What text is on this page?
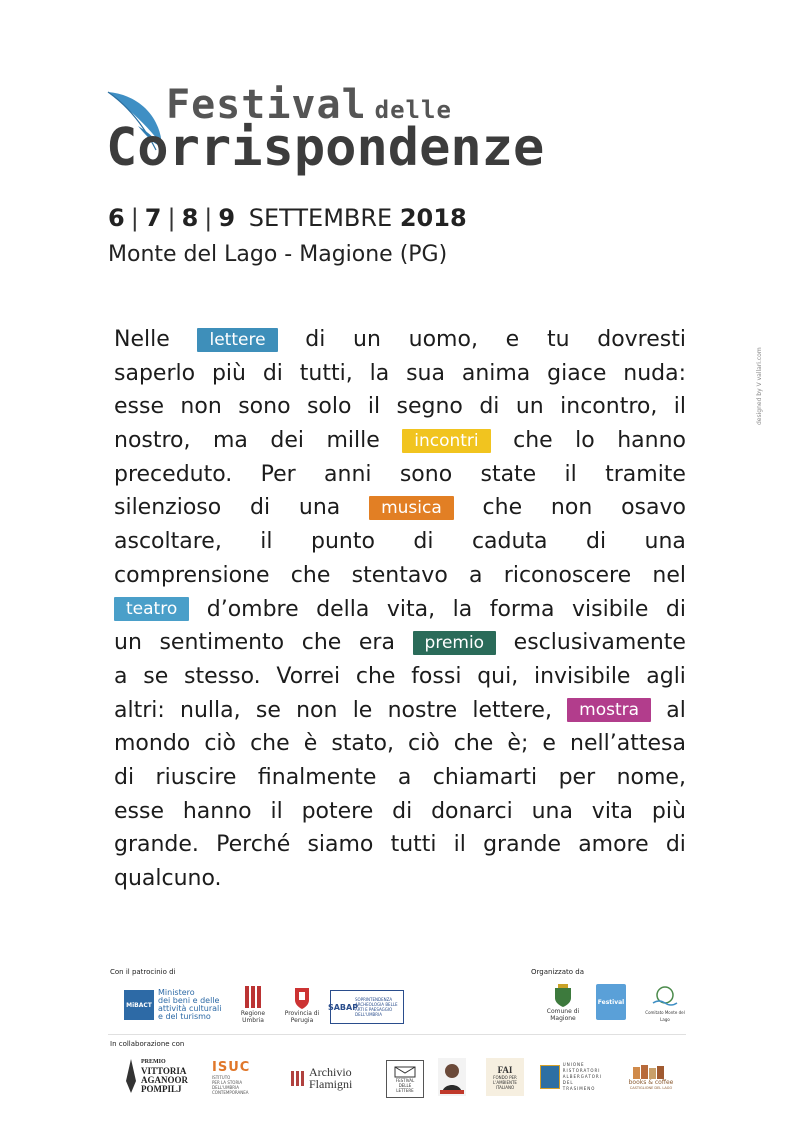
Festival delle
Corrispondenze
6 | 7 | 8 | 9 SETTEMBRE 2018
Monte del Lago - Magione (PG)
designed by V vallari.com
Nelle	lettere	di un uomo, e tu dovresti
saperlo più di tutti, la sua anima giace nuda:
esse non sono solo il segno di un incontro, il
nostro, ma dei mille	incontri	che lo hanno
preceduto. Per anni sono state il tramite
silenzioso di una	musica	che non osavo
ascoltare, il punto di caduta di una
comprensione che stentavo a riconoscere nel
teatro	d’ombre della vita, la forma visibile di
un sentimento che era	premio	esclusivamente
a se stesso. Vorrei che fossi qui, invisibile agli
altri: nulla, se non le nostre lettere,	mostra	al
mondo ciò che è stato, ciò che è; e nell’attesa
di riuscire finalmente a chiamarti per nome,
esse hanno il potere di donarci una vita più
grande. Perché siamo tutti il grande amore di
qualcuno.
Con il patrocinio di	Organizzato da
MiBACT
Ministero
dei beni e delle
attività culturali
e del turismo	Regione Umbria
Provincia di Perugia
SABAP
SOPRINTENDENZA ARCHEOLOGIA BELLE ARTI E PAESAGGIO DELL'UMBRIA	Comune di
Magione
Festival
Comitato Monte del Lago
In collaborazione con
PREMIO
VITTORIA
AGANOOR
POMPILJ
ISUC
ISTITUTO
PER LA STORIA
DELL'UMBRIA
CONTEMPORANEA
Archivio
Flamigni	FESTIVAL
DELLE
LETTERE
FAI
FONDO PER
L'AMBIENTE
ITALIANO
UNIONE
RISTORATORI
ALBERGATORI
DEL TRASIMENO
books & coffee
CASTIGLIONE DEL LAGO
